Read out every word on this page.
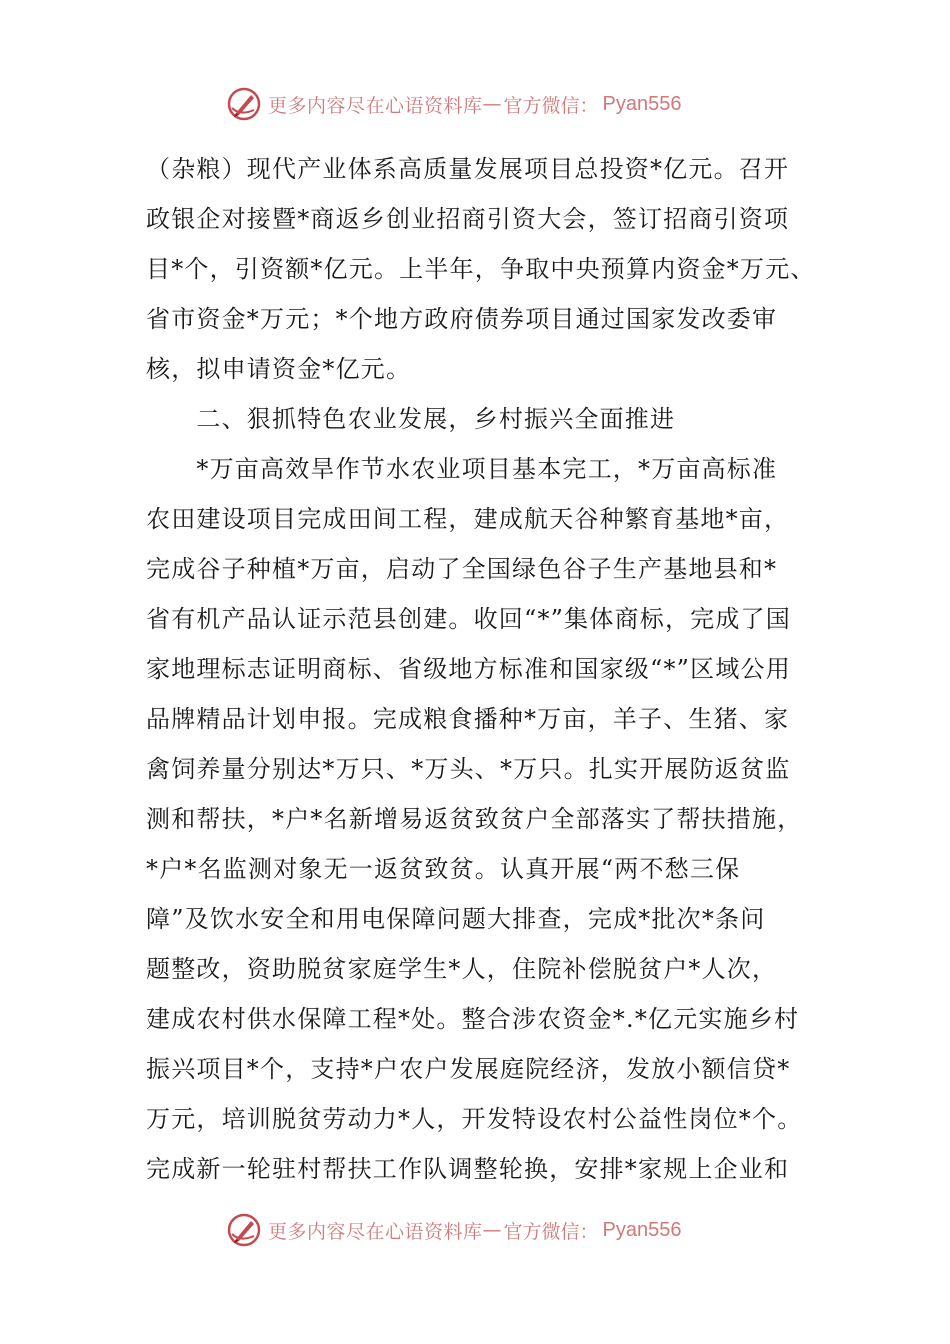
更多内容尽在心语资料库 — 官方微信： Pyan556
（杂粮）现代产业体系高质量发展项目总投资*亿元。召开
政银企对接暨*商返乡创业招商引资大会，签订招商引资项
目*个，引资额*亿元。上半年，争取中央预算内资金*万元、
省市资金*万元；*个地方政府债券项目通过国家发改委审
核，拟申请资金*亿元。
　　二、狠抓特色农业发展，乡村振兴全面推进
　　*万亩高效旱作节水农业项目基本完工，*万亩高标准
农田建设项目完成田间工程，建成航天谷种繁育基地*亩，
完成谷子种植*万亩，启动了全国绿色谷子生产基地县和*
省有机产品认证示范县创建。收回“*”集体商标，完成了国
家地理标志证明商标、省级地方标准和国家级“*”区域公用
品牌精品计划申报。完成粮食播种*万亩，羊子、生猪、家
禽饲养量分别达*万只、*万头、*万只。扎实开展防返贫监
测和帮扶，*户*名新增易返贫致贫户全部落实了帮扶措施，
*户*名监测对象无一返贫致贫。认真开展“两不愁三保
障”及饮水安全和用电保障问题大排查，完成*批次*条问
题整改，资助脱贫家庭学生*人，住院补偿脱贫户*人次，
建成农村供水保障工程*处。整合涉农资金*.*亿元实施乡村
振兴项目*个，支持*户农户发展庭院经济，发放小额信贷*
万元，培训脱贫劳动力*人，开发特设农村公益性岗位*个。
完成新一轮驻村帮扶工作队调整轮换，安排*家规上企业和
更多内容尽在心语资料库 — 官方微信： Pyan556
